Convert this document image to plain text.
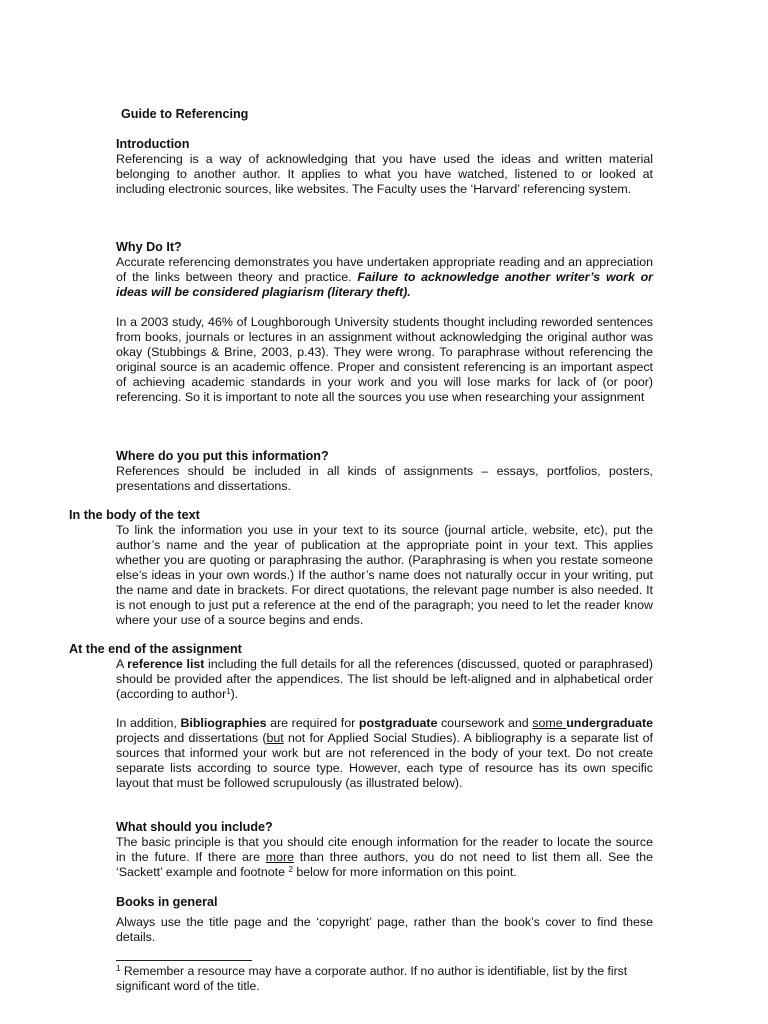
Guide to Referencing
Introduction

Referencing is a way of acknowledging that you have used the ideas and written material belonging to another author. It applies to what you have watched, listened to or looked at including electronic sources, like websites. The Faculty uses the ‘Harvard’ referencing system.

Why Do It?

Accurate referencing demonstrates you have undertaken appropriate reading and an appreciation of the links between theory and practice. Failure to acknowledge another writer’s work or ideas will be considered plagiarism (literary theft).

In a 2003 study, 46% of Loughborough University students thought including reworded sentences from books, journals or lectures in an assignment without acknowledging the original author was okay (Stubbings & Brine, 2003, p.43). They were wrong. To paraphrase without referencing the original source is an academic offence. Proper and consistent referencing is an important aspect of achieving academic standards in your work and you will lose marks for lack of (or poor) referencing. So it is important to note all the sources you use when researching your assignment

Where do you put this information?

References should be included in all kinds of assignments – essays, portfolios, posters, presentations and dissertations.

In the body of the text

To link the information you use in your text to its source (journal article, website, etc), put the author’s name and the year of publication at the appropriate point in your text. This applies whether you are quoting or paraphrasing the author. (Paraphrasing is when you restate someone else’s ideas in your own words.) If the author’s name does not naturally occur in your writing, put the name and date in brackets. For direct quotations, the relevant page number is also needed. It is not enough to just put a reference at the end of the paragraph; you need to let the reader know where your use of a source begins and ends.

At the end of the assignment

A reference list including the full details for all the references (discussed, quoted or paraphrased) should be provided after the appendices. The list should be left-aligned and in alphabetical order (according to author$^1$).

In addition, Bibliographies are required for postgraduate coursework and some undergraduate projects and dissertations (but not for Applied Social Studies). A bibliography is a separate list of sources that informed your work but are not referenced in the body of your text. Do not create separate lists according to source type. However, each type of resource has its own specific layout that must be followed scrupulously (as illustrated below).

What should you include?

The basic principle is that you should cite enough information for the reader to locate the source in the future. If there are more than three authors, you do not need to list them all. See the ‘Sackett’ example and footnote $^2$ below for more information on this point.

Books in general

Always use the title page and the ‘copyright’ page, rather than the book’s cover to find these details.

$^1$ Remember a resource may have a corporate author. If no author is identifiable, list by the first significant word of the title.
